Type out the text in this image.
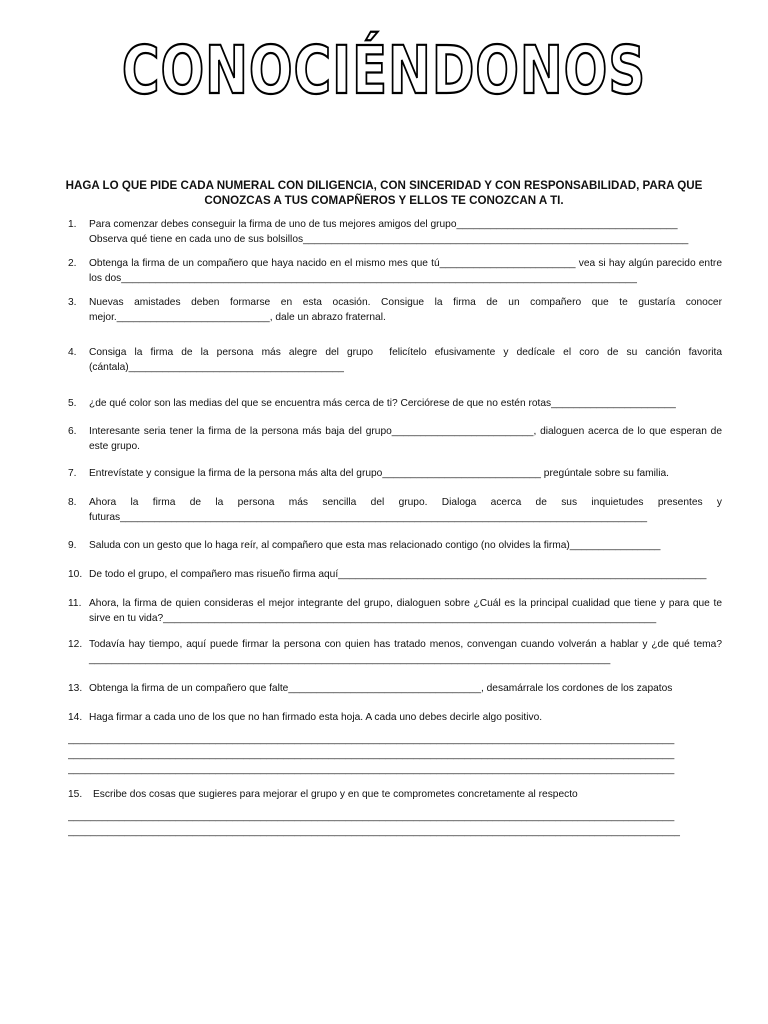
CONOCIÉNDONOS
HAGA LO QUE PIDE CADA NUMERAL CON DILIGENCIA, CON SINCERIDAD Y CON RESPONSABILIDAD, PARA QUE CONOZCAS A TUS COMAPÑEROS Y ELLOS TE CONOZCAN A TI.
1.	Para comenzar debes conseguir la firma de uno de tus mejores amigos del grupo_______________________________________
Observa qué tiene en cada uno de sus bolsillos____________________________________________________________________
2.	Obtenga la firma de un compañero que haya nacido en el mismo mes que tú________________________ vea si hay algún parecido entre los dos___________________________________________________________________________________________
3.	Nuevas amistades deben formarse en esta ocasión. Consigue la firma de un compañero que te gustaría conocer mejor.___________________________, dale un abrazo fraternal.
4.	Consiga la firma de la persona más alegre del grupo  felicítelo efusivamente y dedícale el coro de su canción favorita (cántala)______________________________________
5.	¿de qué color son las medias del que se encuentra más cerca de ti? Cerciórese de que no estén rotas______________________
6.	Interesante seria tener la firma de la persona más baja del grupo_________________________, dialoguen acerca de lo que esperan de este grupo.
7.	Entrevístate y consigue la firma de la persona más alta del grupo____________________________ pregúntale sobre su familia.
8.	Ahora la firma de la persona más sencilla del grupo. Dialoga acerca de sus inquietudes presentes y futuras_____________________________________________________________________________________________
9.	Saluda con un gesto que lo haga reír, al compañero que esta mas relacionado contigo (no olvides la firma)________________
10. De todo el grupo, el compañero mas risueño firma aquí_________________________________________________________________
11. Ahora, la firma de quien consideras el mejor integrante del grupo, dialoguen sobre ¿Cuál es la principal cualidad que tiene y para que te sirve en tu vida?_______________________________________________________________________________________
12. Todavía hay tiempo, aquí puede firmar la persona con quien has tratado menos, convengan cuando volverán a hablar y ¿de qué tema?____________________________________________________________________________________________
13. Obtenga la firma de un compañero que falte__________________________________, desamárrale los cordones de los zapatos
14. Haga firmar a cada uno de los que no han firmado esta hoja. A cada uno debes decirle algo positivo.
___________________________________________________________________________________________________________
___________________________________________________________________________________________________________
___________________________________________________________________________________________________________
15.	Escribe dos cosas que sugieres para mejorar el grupo y en que te comprometes concretamente al respecto
___________________________________________________________________________________________________________
____________________________________________________________________________________________________________
